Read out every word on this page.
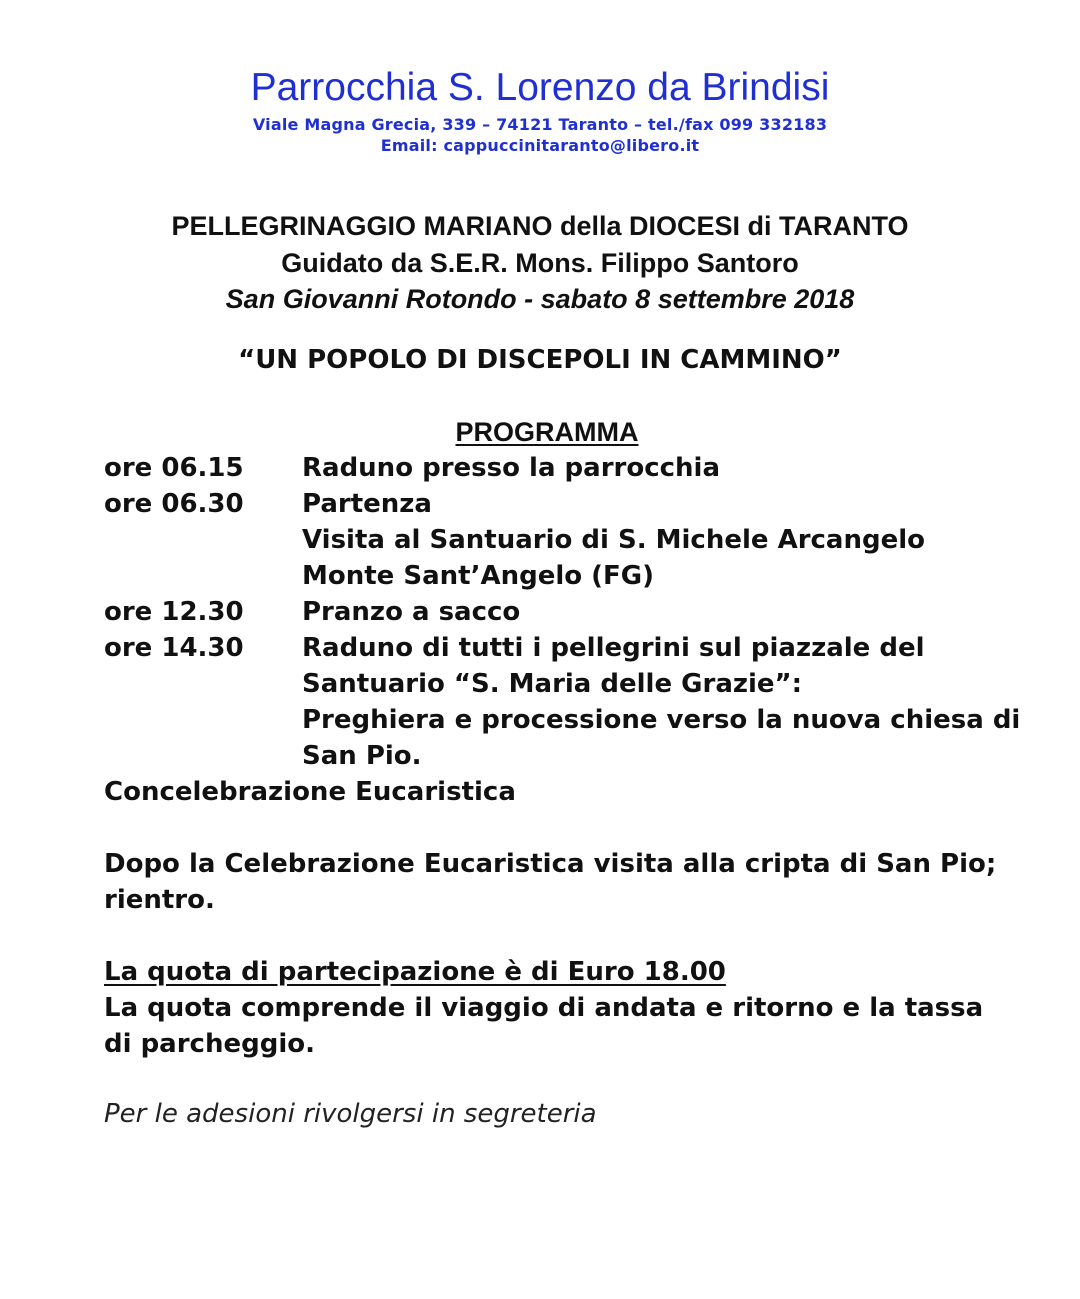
Parrocchia S. Lorenzo da Brindisi
Viale Magna Grecia, 339 – 74121 Taranto – tel./fax 099 332183
Email: cappuccinitaranto@libero.it
PELLEGRINAGGIO MARIANO della DIOCESI di TARANTO
Guidato da S.E.R. Mons. Filippo Santoro
San Giovanni Rotondo - sabato 8 settembre 2018
“UN POPOLO DI DISCEPOLI IN CAMMINO”
PROGRAMMA
ore 06.15	Raduno presso la parrocchia
ore 06.30	Partenza
Visita al Santuario di S. Michele Arcangelo
Monte Sant’Angelo (FG)
ore 12.30	Pranzo a sacco
ore 14.30	Raduno di tutti i pellegrini sul piazzale del
Santuario “S. Maria delle Grazie”:
Preghiera e processione verso la nuova chiesa di
San Pio.
Concelebrazione Eucaristica
Dopo la Celebrazione Eucaristica visita alla cripta di San Pio;
rientro.
La quota di partecipazione è di Euro 18.00
La quota comprende il viaggio di andata e ritorno e la tassa
di parcheggio.
Per le adesioni rivolgersi in segreteria
